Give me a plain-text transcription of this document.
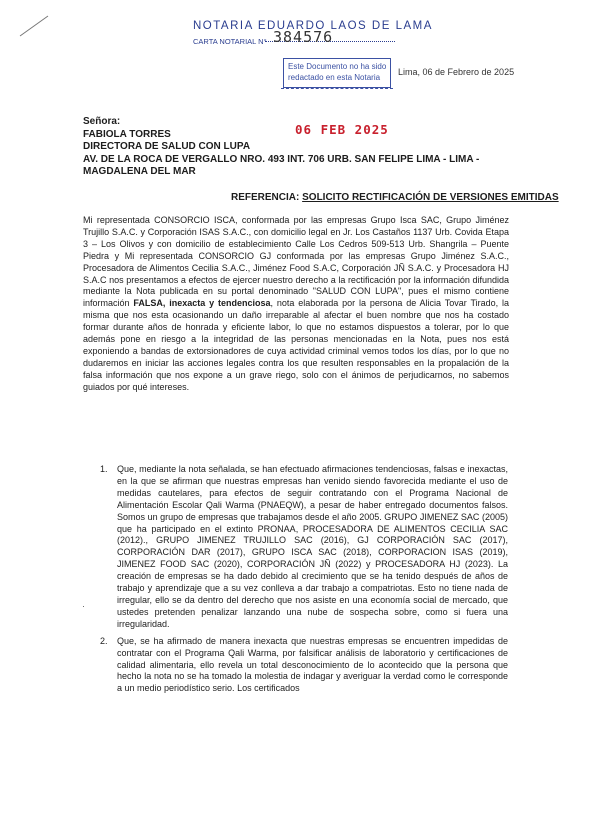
NOTARIA EDUARDO LAOS DE LAMA
CARTA NOTARIAL N° 384576
Este Documento no ha sido
redactado en esta Notaria
Lima, 06 de Febrero de 2025
Señora:
FABIOLA TORRES
DIRECTORA DE SALUD CON LUPA
AV. DE LA ROCA DE VERGALLO NRO. 493 INT. 706 URB. SAN FELIPE LIMA - LIMA -
MAGDALENA DEL MAR
06 FEB 2025
REFERENCIA: SOLICITO RECTIFICACIÓN DE VERSIONES EMITIDAS
Mi representada CONSORCIO ISCA, conformada por las empresas Grupo Isca SAC, Grupo Jiménez Trujillo S.A.C. y Corporación ISAS S.A.C., con domicilio legal en Jr. Los Castaños 1137 Urb. Covida Etapa 3 – Los Olivos y con domicilio de establecimiento Calle Los Cedros 509-513 Urb. Shangrila – Puente Piedra y Mi representada CONSORCIO GJ conformada por las empresas Grupo Jiménez S.A.C., Procesadora de Alimentos Cecilia S.A.C., Jiménez Food S.A.C, Corporación JÑ S.A.C. y Procesadora HJ S.A.C nos presentamos a efectos de ejercer nuestro derecho a la rectificación por la información difundida mediante la Nota publicada en su portal denominado "SALUD CON LUPA", pues el mismo contiene información FALSA, inexacta y tendenciosa, nota elaborada por la persona de Alicia Tovar Tirado, la misma que nos esta ocasionando un daño irreparable al afectar el buen nombre que nos ha costado formar durante años de honrada y eficiente labor, lo que no estamos dispuestos a tolerar, por lo que además pone en riesgo a la integridad de las personas mencionadas en la Nota, pues nos está exponiendo a bandas de extorsionadores de cuya actividad criminal vemos todos los días, por lo que no dudaremos en iniciar las acciones legales contra los que resulten responsables en la propalación de la falsa información que nos expone a un grave riego, solo con el ánimos de perjudicarnos, no sabemos guiados por qué intereses.
1. Que, mediante la nota señalada, se han efectuado afirmaciones tendenciosas, falsas e inexactas, en la que se afirman que nuestras empresas han venido siendo favorecida mediante el uso de medidas cautelares, para efectos de seguir contratando con el Programa Nacional de Alimentación Escolar Qali Warma (PNAEQW), a pesar de haber entregado documentos falsos. Somos un grupo de empresas que trabajamos desde el año 2005. GRUPO JIMENEZ SAC (2005) que ha participado en el extinto PRONAA, PROCESADORA DE ALIMENTOS CECILIA SAC (2012)., GRUPO JIMENEZ TRUJILLO SAC (2016), GJ CORPORACIÓN SAC (2017), CORPORACIÓN DAR (2017), GRUPO ISCA SAC (2018), CORPORACION ISAS (2019), JIMENEZ FOOD SAC (2020), CORPORACIÓN JÑ (2022) y PROCESADORA HJ (2023). La creación de empresas se ha dado debido al crecimiento que se ha tenido después de años de trabajo y aprendizaje que a su vez conlleva a dar trabajo a compatriotas. Esto no tiene nada de irregular, ello se da dentro del derecho que nos asiste en una economía social de mercado, que ustedes pretenden penalizar lanzando una nube de sospecha sobre, como si fuera una irregularidad.
2. Que, se ha afirmado de manera inexacta que nuestras empresas se encuentren impedidas de contratar con el Programa Qali Warma, por falsificar análisis de laboratorio y certificaciones de calidad alimentaria, ello revela un total desconocimiento de lo acontecido que la persona que hecho la nota no se ha tomado la molestia de indagar y averiguar la verdad como le corresponde a un medio periodístico serio. Los certificados
·
